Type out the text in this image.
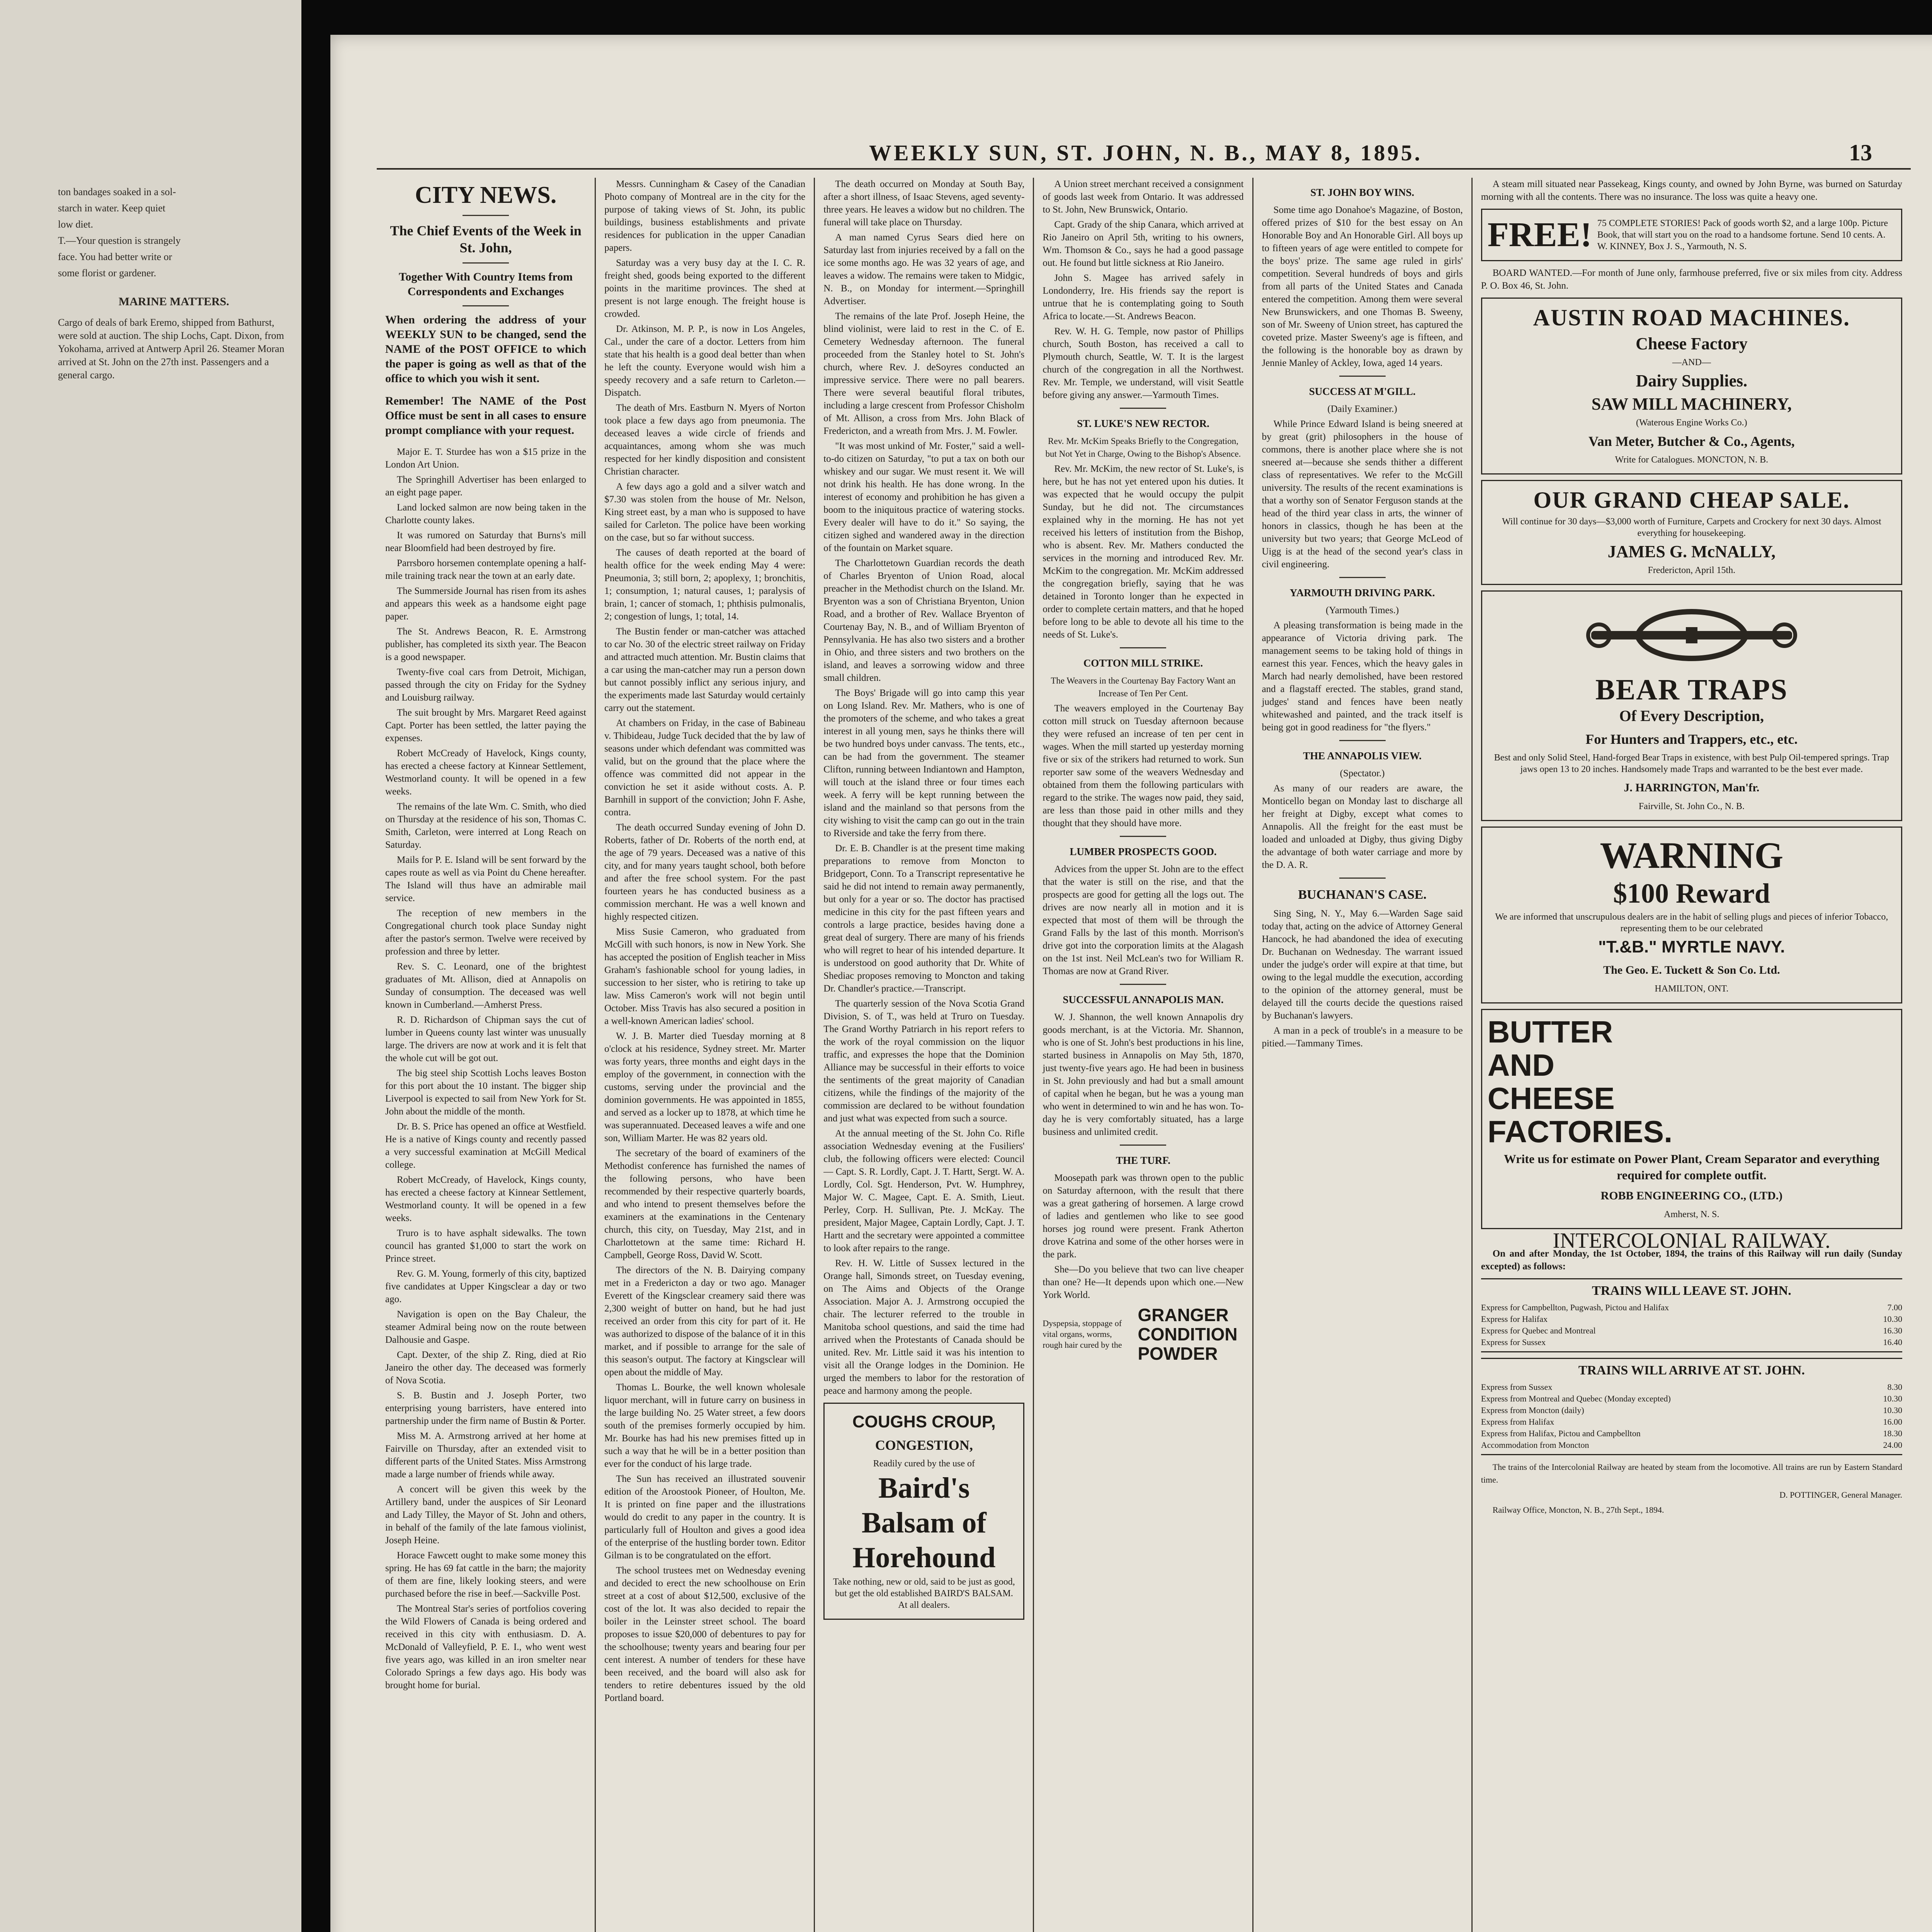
ton bandages soaked in a sol-

starch in water. Keep quiet

low diet.

T.—Your question is strangely

face. You had better write or

some florist or gardener.

MARINE MATTERS.

Cargo of deals of bark Eremo, shipped from Bathurst, were sold at auction. The ship Lochs, Capt. Dixon, from Yokohama, arrived at Antwerp April 26. Steamer Moran arrived at St. John on the 27th inst. Passengers and a general cargo.

WEEKLY SUN, ST. JOHN, N. B., MAY 8, 1895.	13
CITY NEWS.
The Chief Events of the Week in St. John,
Together With Country Items from Correspondents and Exchanges
When ordering the address of your WEEKLY SUN to be changed, send the NAME of the POST OFFICE to which the paper is going as well as that of the office to which you wish it sent.
Remember! The NAME of the Post Office must be sent in all cases to ensure prompt compliance with your request.

Major E. T. Sturdee has won a $15 prize in the London Art Union.

The Springhill Advertiser has been enlarged to an eight page paper.

Land locked salmon are now being taken in the Charlotte county lakes.

It was rumored on Saturday that Burns's mill near Bloomfield had been destroyed by fire.

Parrsboro horsemen contemplate opening a half-mile training track near the town at an early date.

The Summerside Journal has risen from its ashes and appears this week as a handsome eight page paper.

The St. Andrews Beacon, R. E. Armstrong publisher, has completed its sixth year. The Beacon is a good newspaper.

Twenty-five coal cars from Detroit, Michigan, passed through the city on Friday for the Sydney and Louisburg railway.

The suit brought by Mrs. Margaret Reed against Capt. Porter has been settled, the latter paying the expenses.

Robert McCready of Havelock, Kings county, has erected a cheese factory at Kinnear Settlement, Westmorland county. It will be opened in a few weeks.

The remains of the late Wm. C. Smith, who died on Thursday at the residence of his son, Thomas C. Smith, Carleton, were interred at Long Reach on Saturday.

Mails for P. E. Island will be sent forward by the capes route as well as via Point du Chene hereafter. The Island will thus have an admirable mail service.

The reception of new members in the Congregational church took place Sunday night after the pastor's sermon. Twelve were received by profession and three by letter.

Rev. S. C. Leonard, one of the brightest graduates of Mt. Allison, died at Annapolis on Sunday of consumption. The deceased was well known in Cumberland.—Amherst Press.

R. D. Richardson of Chipman says the cut of lumber in Queens county last winter was unusually large. The drivers are now at work and it is felt that the whole cut will be got out.

The big steel ship Scottish Lochs leaves Boston for this port about the 10 instant. The bigger ship Liverpool is expected to sail from New York for St. John about the middle of the month.

Dr. B. S. Price has opened an office at Westfield. He is a native of Kings county and recently passed a very successful examination at McGill Medical college.

Robert McCready, of Havelock, Kings county, has erected a cheese factory at Kinnear Settlement, Westmorland county. It will be opened in a few weeks.

Truro is to have asphalt sidewalks. The town council has granted $1,000 to start the work on Prince street.

Rev. G. M. Young, formerly of this city, baptized five candidates at Upper Kingsclear a day or two ago.

Navigation is open on the Bay Chaleur, the steamer Admiral being now on the route between Dalhousie and Gaspe.

Capt. Dexter, of the ship Z. Ring, died at Rio Janeiro the other day. The deceased was formerly of Nova Scotia.

S. B. Bustin and J. Joseph Porter, two enterprising young barristers, have entered into partnership under the firm name of Bustin & Porter.

Miss M. A. Armstrong arrived at her home at Fairville on Thursday, after an extended visit to different parts of the United States. Miss Armstrong made a large number of friends while away.

A concert will be given this week by the Artillery band, under the auspices of Sir Leonard and Lady Tilley, the Mayor of St. John and others, in behalf of the family of the late famous violinist, Joseph Heine.

Horace Fawcett ought to make some money this spring. He has 69 fat cattle in the barn; the majority of them are fine, likely looking steers, and were purchased before the rise in beef.—Sackville Post.

The Montreal Star's series of portfolios covering the Wild Flowers of Canada is being ordered and received in this city with enthusiasm. D. A. McDonald of Valleyfield, P. E. I., who went west five years ago, was killed in an iron smelter near Colorado Springs a few days ago. His body was brought home for burial.

Messrs. Cunningham & Casey of the Canadian Photo company of Montreal are in the city for the purpose of taking views of St. John, its public buildings, business establishments and private residences for publication in the upper Canadian papers.

Saturday was a very busy day at the I. C. R. freight shed, goods being exported to the different points in the maritime provinces. The shed at present is not large enough. The freight house is crowded.

Dr. Atkinson, M. P. P., is now in Los Angeles, Cal., under the care of a doctor. Letters from him state that his health is a good deal better than when he left the county. Everyone would wish him a speedy recovery and a safe return to Carleton.—Dispatch.

The death of Mrs. Eastburn N. Myers of Norton took place a few days ago from pneumonia. The deceased leaves a wide circle of friends and acquaintances, among whom she was much respected for her kindly disposition and consistent Christian character.

A few days ago a gold and a silver watch and $7.30 was stolen from the house of Mr. Nelson, King street east, by a man who is supposed to have sailed for Carleton. The police have been working on the case, but so far without success.

The causes of death reported at the board of health office for the week ending May 4 were: Pneumonia, 3; still born, 2; apoplexy, 1; bronchitis, 1; consumption, 1; natural causes, 1; paralysis of brain, 1; cancer of stomach, 1; phthisis pulmonalis, 2; congestion of lungs, 1; total, 14.

The Bustin fender or man-catcher was attached to car No. 30 of the electric street railway on Friday and attracted much attention. Mr. Bustin claims that a car using the man-catcher may run a person down but cannot possibly inflict any serious injury, and the experiments made last Saturday would certainly carry out the statement.

At chambers on Friday, in the case of Babineau v. Thibideau, Judge Tuck decided that the by law of seasons under which defendant was committed was valid, but on the ground that the place where the offence was committed did not appear in the conviction he set it aside without costs. A. P. Barnhill in support of the conviction; John F. Ashe, contra.

The death occurred Sunday evening of John D. Roberts, father of Dr. Roberts of the north end, at the age of 79 years. Deceased was a native of this city, and for many years taught school, both before and after the free school system. For the past fourteen years he has conducted business as a commission merchant. He was a well known and highly respected citizen.

Miss Susie Cameron, who graduated from McGill with such honors, is now in New York. She has accepted the position of English teacher in Miss Graham's fashionable school for young ladies, in succession to her sister, who is retiring to take up law. Miss Cameron's work will not begin until October. Miss Travis has also secured a position in a well-known American ladies' school.

W. J. B. Marter died Tuesday morning at 8 o'clock at his residence, Sydney street. Mr. Marter was forty years, three months and eight days in the employ of the government, in connection with the customs, serving under the provincial and the dominion governments. He was appointed in 1855, and served as a locker up to 1878, at which time he was superannuated. Deceased leaves a wife and one son, William Marter. He was 82 years old.

The secretary of the board of examiners of the Methodist conference has furnished the names of the following persons, who have been recommended by their respective quarterly boards, and who intend to present themselves before the examiners at the examinations in the Centenary church, this city, on Tuesday, May 21st, and in Charlottetown at the same time: Richard H. Campbell, George Ross, David W. Scott.

The directors of the N. B. Dairying company met in a Fredericton a day or two ago. Manager Everett of the Kingsclear creamery said there was 2,300 weight of butter on hand, but he had just received an order from this city for part of it. He was authorized to dispose of the balance of it in this market, and if possible to arrange for the sale of this season's output. The factory at Kingsclear will open about the middle of May.

Thomas L. Bourke, the well known wholesale liquor merchant, will in future carry on business in the large building No. 25 Water street, a few doors south of the premises formerly occupied by him. Mr. Bourke has had his new premises fitted up in such a way that he will be in a better position than ever for the conduct of his large trade.

The Sun has received an illustrated souvenir edition of the Aroostook Pioneer, of Houlton, Me. It is printed on fine paper and the illustrations would do credit to any paper in the country. It is particularly full of Houlton and gives a good idea of the enterprise of the hustling border town. Editor Gilman is to be congratulated on the effort.

The school trustees met on Wednesday evening and decided to erect the new schoolhouse on Erin street at a cost of about $12,500, exclusive of the cost of the lot. It was also decided to repair the boiler in the Leinster street school. The board proposes to issue $20,000 of debentures to pay for the schoolhouse; twenty years and bearing four per cent interest. A number of tenders for these have been received, and the board will also ask for tenders to retire debentures issued by the old Portland board.

The death occurred on Monday at South Bay, after a short illness, of Isaac Stevens, aged seventy-three years. He leaves a widow but no children. The funeral will take place on Thursday.

A man named Cyrus Sears died here on Saturday last from injuries received by a fall on the ice some months ago. He was 32 years of age, and leaves a widow. The remains were taken to Midgic, N. B., on Monday for interment.—Springhill Advertiser.

The remains of the late Prof. Joseph Heine, the blind violinist, were laid to rest in the C. of E. Cemetery Wednesday afternoon. The funeral proceeded from the Stanley hotel to St. John's church, where Rev. J. deSoyres conducted an impressive service. There were no pall bearers. There were several beautiful floral tributes, including a large crescent from Professor Chisholm of Mt. Allison, a cross from Mrs. John Black of Fredericton, and a wreath from Mrs. J. M. Fowler.

"It was most unkind of Mr. Foster," said a well-to-do citizen on Saturday, "to put a tax on both our whiskey and our sugar. We must resent it. We will not drink his health. He has done wrong. In the interest of economy and prohibition he has given a boom to the iniquitous practice of watering stocks. Every dealer will have to do it." So saying, the citizen sighed and wandered away in the direction of the fountain on Market square.

The Charlottetown Guardian records the death of Charles Bryenton of Union Road, alocal preacher in the Methodist church on the Island. Mr. Bryenton was a son of Christiana Bryenton, Union Road, and a brother of Rev. Wallace Bryenton of Courtenay Bay, N. B., and of William Bryenton of Pennsylvania. He has also two sisters and a brother in Ohio, and three sisters and two brothers on the island, and leaves a sorrowing widow and three small children.

The Boys' Brigade will go into camp this year on Long Island. Rev. Mr. Mathers, who is one of the promoters of the scheme, and who takes a great interest in all young men, says he thinks there will be two hundred boys under canvass. The tents, etc., can be had from the government. The steamer Clifton, running between Indiantown and Hampton, will touch at the island three or four times each week. A ferry will be kept running between the island and the mainland so that persons from the city wishing to visit the camp can go out in the train to Riverside and take the ferry from there.

Dr. E. B. Chandler is at the present time making preparations to remove from Moncton to Bridgeport, Conn. To a Transcript representative he said he did not intend to remain away permanently, but only for a year or so. The doctor has practised medicine in this city for the past fifteen years and controls a large practice, besides having done a great deal of surgery. There are many of his friends who will regret to hear of his intended departure. It is understood on good authority that Dr. White of Shediac proposes removing to Moncton and taking Dr. Chandler's practice.—Transcript.

The quarterly session of the Nova Scotia Grand Division, S. of T., was held at Truro on Tuesday. The Grand Worthy Patriarch in his report refers to the work of the royal commission on the liquor traffic, and expresses the hope that the Dominion Alliance may be successful in their efforts to voice the sentiments of the great majority of Canadian citizens, while the findings of the majority of the commission are declared to be without foundation and just what was expected from such a source.

At the annual meeting of the St. John Co. Rifle association Wednesday evening at the Fusiliers' club, the following officers were elected: Council — Capt. S. R. Lordly, Capt. J. T. Hartt, Sergt. W. A. Lordly, Col. Sgt. Henderson, Pvt. W. Humphrey, Major W. C. Magee, Capt. E. A. Smith, Lieut. Perley, Corp. H. Sullivan, Pte. J. McKay. The president, Major Magee, Captain Lordly, Capt. J. T. Hartt and the secretary were appointed a committee to look after repairs to the range.

Rev. H. W. Little of Sussex lectured in the Orange hall, Simonds street, on Tuesday evening, on The Aims and Objects of the Orange Association. Major A. J. Armstrong occupied the chair. The lecturer referred to the trouble in Manitoba school questions, and said the time had arrived when the Protestants of Canada should be united. Rev. Mr. Little said it was his intention to visit all the Orange lodges in the Dominion. He urged the members to labor for the restoration of peace and harmony among the people.

COUGHS CROUP,
CONGESTION,
Readily cured by the use of
Baird's
Balsam of
Horehound
Take nothing, new or old, said to be just as good, but get the old established BAIRD'S BALSAM. At all dealers.

A Union street merchant received a consignment of goods last week from Ontario. It was addressed to St. John, New Brunswick, Ontario.

Capt. Grady of the ship Canara, which arrived at Rio Janeiro on April 5th, writing to his owners, Wm. Thomson & Co., says he had a good passage out. He found but little sickness at Rio Janeiro.

John S. Magee has arrived safely in Londonderry, Ire. His friends say the report is untrue that he is contemplating going to South Africa to locate.—St. Andrews Beacon.

Rev. W. H. G. Temple, now pastor of Phillips church, South Boston, has received a call to Plymouth church, Seattle, W. T. It is the largest church of the congregation in all the Northwest. Rev. Mr. Temple, we understand, will visit Seattle before giving any answer.—Yarmouth Times.

ST. LUKE'S NEW RECTOR.

Rev. Mr. McKim Speaks Briefly to the Congregation, but Not Yet in Charge, Owing to the Bishop's Absence.

Rev. Mr. McKim, the new rector of St. Luke's, is here, but he has not yet entered upon his duties. It was expected that he would occupy the pulpit Sunday, but he did not. The circumstances explained why in the morning. He has not yet received his letters of institution from the Bishop, who is absent. Rev. Mr. Mathers conducted the services in the morning and introduced Rev. Mr. McKim to the congregation. Mr. McKim addressed the congregation briefly, saying that he was detained in Toronto longer than he expected in order to complete certain matters, and that he hoped before long to be able to devote all his time to the needs of St. Luke's.

COTTON MILL STRIKE.

The Weavers in the Courtenay Bay Factory Want an Increase of Ten Per Cent.

The weavers employed in the Courtenay Bay cotton mill struck on Tuesday afternoon because they were refused an increase of ten per cent in wages. When the mill started up yesterday morning five or six of the strikers had returned to work. Sun reporter saw some of the weavers Wednesday and obtained from them the following particulars with regard to the strike. The wages now paid, they said, are less than those paid in other mills and they thought that they should have more.

LUMBER PROSPECTS GOOD.

Advices from the upper St. John are to the effect that the water is still on the rise, and that the prospects are good for getting all the logs out. The drives are now nearly all in motion and it is expected that most of them will be through the Grand Falls by the last of this month. Morrison's drive got into the corporation limits at the Alagash on the 1st inst. Neil McLean's two for William R. Thomas are now at Grand River.

SUCCESSFUL ANNAPOLIS MAN.

W. J. Shannon, the well known Annapolis dry goods merchant, is at the Victoria. Mr. Shannon, who is one of St. John's best productions in his line, started business in Annapolis on May 5th, 1870, just twenty-five years ago. He had been in business in St. John previously and had but a small amount of capital when he began, but he was a young man who went in determined to win and he has won. To-day he is very comfortably situated, has a large business and unlimited credit.

THE TURF.

Moosepath park was thrown open to the public on Saturday afternoon, with the result that there was a great gathering of horsemen. A large crowd of ladies and gentlemen who like to see good horses jog round were present. Frank Atherton drove Katrina and some of the other horses were in the park.

She—Do you believe that two can live cheaper than one? He—It depends upon which one.—New York World.

Dyspepsia, stoppage of vital organs, worms, rough hair cured by the
GRANGER
CONDITION
POWDER
ST. JOHN BOY WINS.

Some time ago Donahoe's Magazine, of Boston, offered prizes of $10 for the best essay on An Honorable Boy and An Honorable Girl. All boys up to fifteen years of age were entitled to compete for the boys' prize. The same age ruled in girls' competition. Several hundreds of boys and girls from all parts of the United States and Canada entered the competition. Among them were several New Brunswickers, and one Thomas B. Sweeny, son of Mr. Sweeny of Union street, has captured the coveted prize. Master Sweeny's age is fifteen, and the following is the honorable boy as drawn by Jennie Manley of Ackley, Iowa, aged 14 years.

SUCCESS AT M'GILL.

(Daily Examiner.)

While Prince Edward Island is being sneered at by great (grit) philosophers in the house of commons, there is another place where she is not sneered at—because she sends thither a different class of representatives. We refer to the McGill university. The results of the recent examinations is that a worthy son of Senator Ferguson stands at the head of the third year class in arts, the winner of honors in classics, though he has been at the university but two years; that George McLeod of Uigg is at the head of the second year's class in civil engineering.

YARMOUTH DRIVING PARK.

(Yarmouth Times.)

A pleasing transformation is being made in the appearance of Victoria driving park. The management seems to be taking hold of things in earnest this year. Fences, which the heavy gales in March had nearly demolished, have been restored and a flagstaff erected. The stables, grand stand, judges' stand and fences have been neatly whitewashed and painted, and the track itself is being got in good readiness for "the flyers."

THE ANNAPOLIS VIEW.

(Spectator.)

As many of our readers are aware, the Monticello began on Monday last to discharge all her freight at Digby, except what comes to Annapolis. All the freight for the east must be loaded and unloaded at Digby, thus giving Digby the advantage of both water carriage and more by the D. A. R.

BUCHANAN'S CASE.

Sing Sing, N. Y., May 6.—Warden Sage said today that, acting on the advice of Attorney General Hancock, he had abandoned the idea of executing Dr. Buchanan on Wednesday. The warrant issued under the judge's order will expire at that time, but owing to the legal muddle the execution, according to the opinion of the attorney general, must be delayed till the courts decide the questions raised by Buchanan's lawyers.

A man in a peck of trouble's in a measure to be pitied.—Tammany Times.

A steam mill situated near Passekeag, Kings county, and owned by John Byrne, was burned on Saturday morning with all the contents. There was no insurance. The loss was quite a heavy one.

FREE! 75 COMPLETE STORIES! Pack of goods worth $2, and a large 100p. Picture Book, that will start you on the road to a handsome fortune. Send 10 cents. A. W. KINNEY, Box J. S., Yarmouth, N. S.

BOARD WANTED.—For month of June only, farmhouse preferred, five or six miles from city. Address P. O. Box 46, St. John.

AUSTIN ROAD MACHINES.
Cheese Factory
—AND—
Dairy Supplies.
SAW MILL MACHINERY,
(Waterous Engine Works Co.)
Van Meter, Butcher & Co., Agents,
Write for Catalogues. MONCTON, N. B.
OUR GRAND CHEAP SALE.
Will continue for 30 days—$3,000 worth of Furniture, Carpets and Crockery for next 30 days. Almost everything for housekeeping.
JAMES G. McNALLY,
Fredericton, April 15th.
BEAR TRAPS
Of Every Description,
For Hunters and Trappers, etc., etc.
Best and only Solid Steel, Hand-forged Bear Traps in existence, with best Pulp Oil-tempered springs. Trap jaws open 13 to 20 inches. Handsomely made Traps and warranted to be the best ever made.
J. HARRINGTON, Man'fr.
Fairville, St. John Co., N. B.
WARNING
$100 Reward
We are informed that unscrupulous dealers are in the habit of selling plugs and pieces of inferior Tobacco, representing them to be our celebrated
"T.&B." MYRTLE NAVY.
The Geo. E. Tuckett & Son Co. Ltd.
HAMILTON, ONT.
BUTTER
AND
CHEESE
FACTORIES.
Write us for estimate on Power Plant, Cream Separator and everything required for complete outfit.
ROBB ENGINEERING CO., (LTD.)
Amherst, N. S.
INTERCOLONIAL RAILWAY.

On and after Monday, the 1st October, 1894, the trains of this Railway will run daily (Sunday excepted) as follows:

TRAINS WILL LEAVE ST. JOHN.
Express for Campbellton, Pugwash, Pictou and Halifax	7.00
Express for Halifax	10.30
Express for Quebec and Montreal	16.30
Express for Sussex	16.40
TRAINS WILL ARRIVE AT ST. JOHN.
Express from Sussex	8.30
Express from Montreal and Quebec (Monday excepted)	10.30
Express from Moncton (daily)	10.30
Express from Halifax	16.00
Express from Halifax, Pictou and Campbellton	18.30
Accommodation from Moncton	24.00

The trains of the Intercolonial Railway are heated by steam from the locomotive. All trains are run by Eastern Standard time.

D. POTTINGER, General Manager.

Railway Office, Moncton, N. B., 27th Sept., 1894.
